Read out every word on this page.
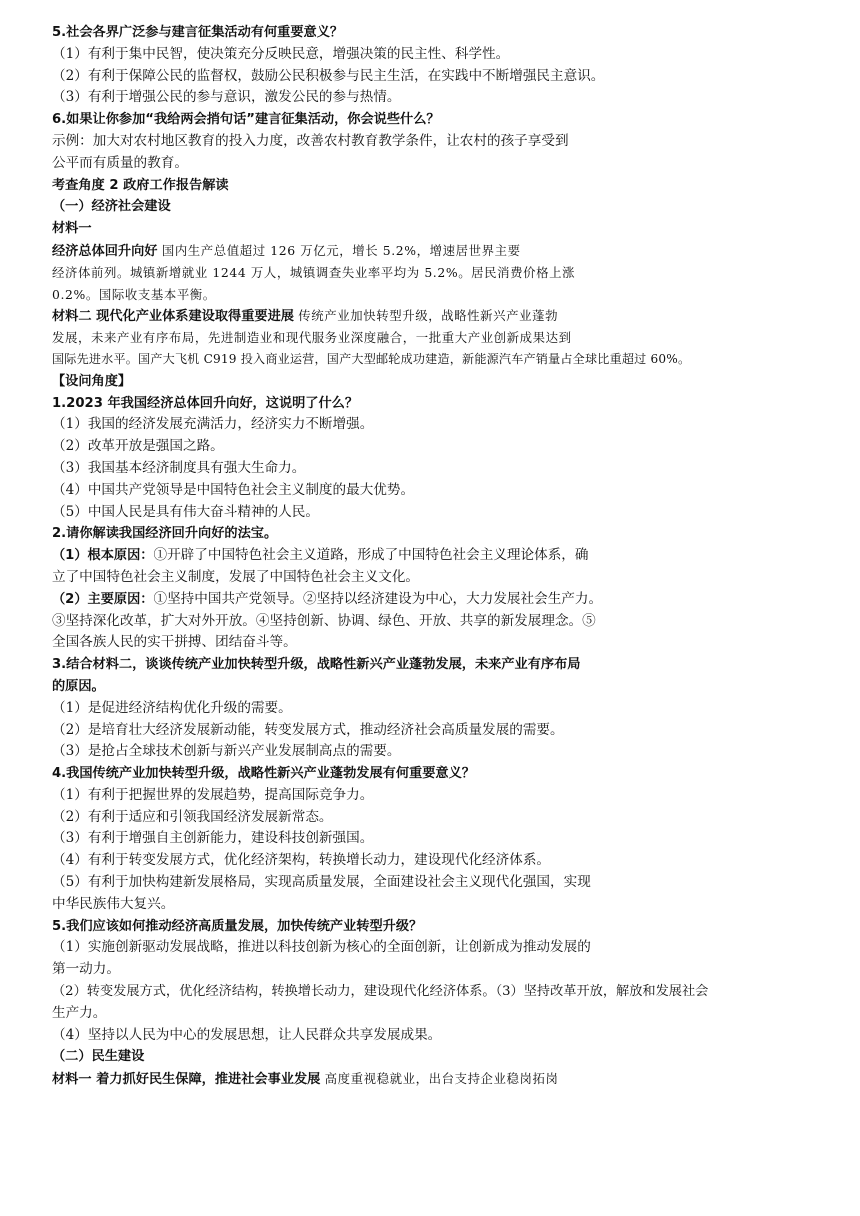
5.社会各界广泛参与建言征集活动有何重要意义？
（1）有利于集中民智，使决策充分反映民意，增强决策的民主性、科学性。
（2）有利于保障公民的监督权，鼓励公民积极参与民主生活，在实践中不断增强民主意识。
（3）有利于增强公民的参与意识，激发公民的参与热情。
6.如果让你参加“我给两会捎句话”建言征集活动，你会说些什么？
示例：加大对农村地区教育的投入力度，改善农村教育教学条件，让农村的孩子享受到
公平而有质量的教育。
考查角度 2 政府工作报告解读
（一）经济社会建设
材料一
经济总体回升向好 国内生产总值超过 126 万亿元，增长 5.2%，增速居世界主要
经济体前列。城镇新增就业 1244 万人，城镇调查失业率平均为 5.2%。居民消费价格上涨
0.2%。国际收支基本平衡。
材料二 现代化产业体系建设取得重要进展 传统产业加快转型升级，战略性新兴产业蓬勃
发展，未来产业有序布局，先进制造业和现代服务业深度融合，一批重大产业创新成果达到
国际先进水平。国产大飞机 C919 投入商业运营，国产大型邮轮成功建造，新能源汽车产销量占全球比重超过 60%。
【设问角度】
1.2023 年我国经济总体回升向好，这说明了什么？
（1）我国的经济发展充满活力，经济实力不断增强。
（2）改革开放是强国之路。
（3）我国基本经济制度具有强大生命力。
（4）中国共产党领导是中国特色社会主义制度的最大优势。
（5）中国人民是具有伟大奋斗精神的人民。
2.请你解读我国经济回升向好的法宝。
（1）根本原因：①开辟了中国特色社会主义道路，形成了中国特色社会主义理论体系，确
立了中国特色社会主义制度，发展了中国特色社会主义文化。
（2）主要原因：①坚持中国共产党领导。②坚持以经济建设为中心，大力发展社会生产力。
③坚持深化改革，扩大对外开放。④坚持创新、协调、绿色、开放、共享的新发展理念。⑤
全国各族人民的实干拼搏、团结奋斗等。
3.结合材料二，谈谈传统产业加快转型升级，战略性新兴产业蓬勃发展，未来产业有序布局
的原因。
（1）是促进经济结构优化升级的需要。
（2）是培育壮大经济发展新动能，转变发展方式，推动经济社会高质量发展的需要。
（3）是抢占全球技术创新与新兴产业发展制高点的需要。
4.我国传统产业加快转型升级，战略性新兴产业蓬勃发展有何重要意义？
（1）有利于把握世界的发展趋势，提高国际竞争力。
（2）有利于适应和引领我国经济发展新常态。
（3）有利于增强自主创新能力，建设科技创新强国。
（4）有利于转变发展方式，优化经济架构，转换增长动力，建设现代化经济体系。
（5）有利于加快构建新发展格局，实现高质量发展，全面建设社会主义现代化强国，实现
中华民族伟大复兴。
5.我们应该如何推动经济高质量发展，加快传统产业转型升级？
（1）实施创新驱动发展战略，推进以科技创新为核心的全面创新，让创新成为推动发展的
第一动力。
（2）转变发展方式，优化经济结构，转换增长动力，建设现代化经济体系。（3）坚持改革开放，解放和发展社会
生产力。
（4）坚持以人民为中心的发展思想，让人民群众共享发展成果。
（二）民生建设
材料一 着力抓好民生保障，推进社会事业发展 高度重视稳就业，出台支持企业稳岗拓岗
